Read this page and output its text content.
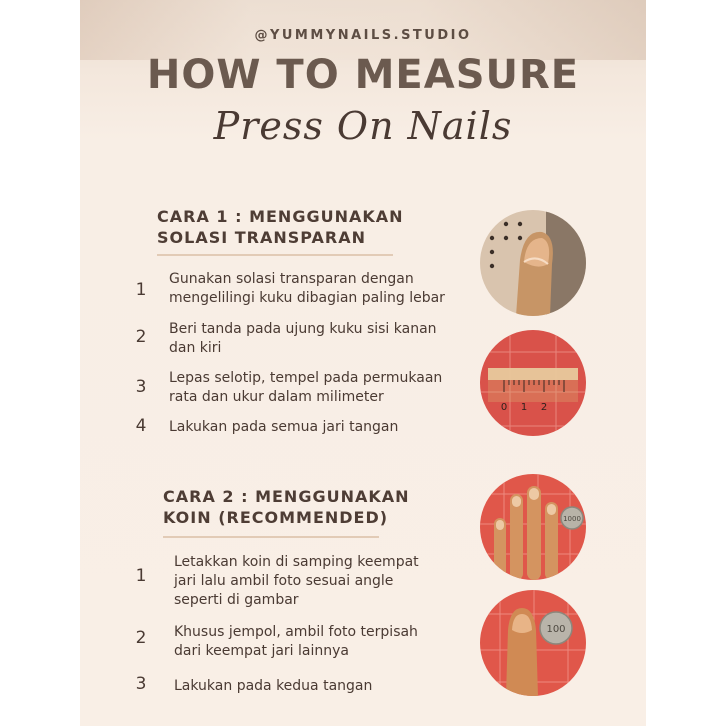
@YUMMYNAILS.STUDIO
HOW TO MEASURE
Press On Nails
CARA 1 : MENGGUNAKAN
SOLASI TRANSPARAN
1
Gunakan solasi transparan dengan
mengelilingi kuku dibagian paling lebar
2	Beri tanda pada ujung kuku sisi kanan
dan kiri
3	Lepas selotip, tempel pada permukaan
rata dan ukur dalam milimeter
4	Lakukan pada semua jari tangan
CARA 2 : MENGGUNAKAN
KOIN (RECOMMENDED)
1
Letakkan koin di samping keempat
jari lalu ambil foto sesuai angle
seperti di gambar
2	Khusus jempol, ambil foto terpisah
dari keempat jari lainnya
3	Lakukan pada kedua tangan
0 1 2
1000
100
